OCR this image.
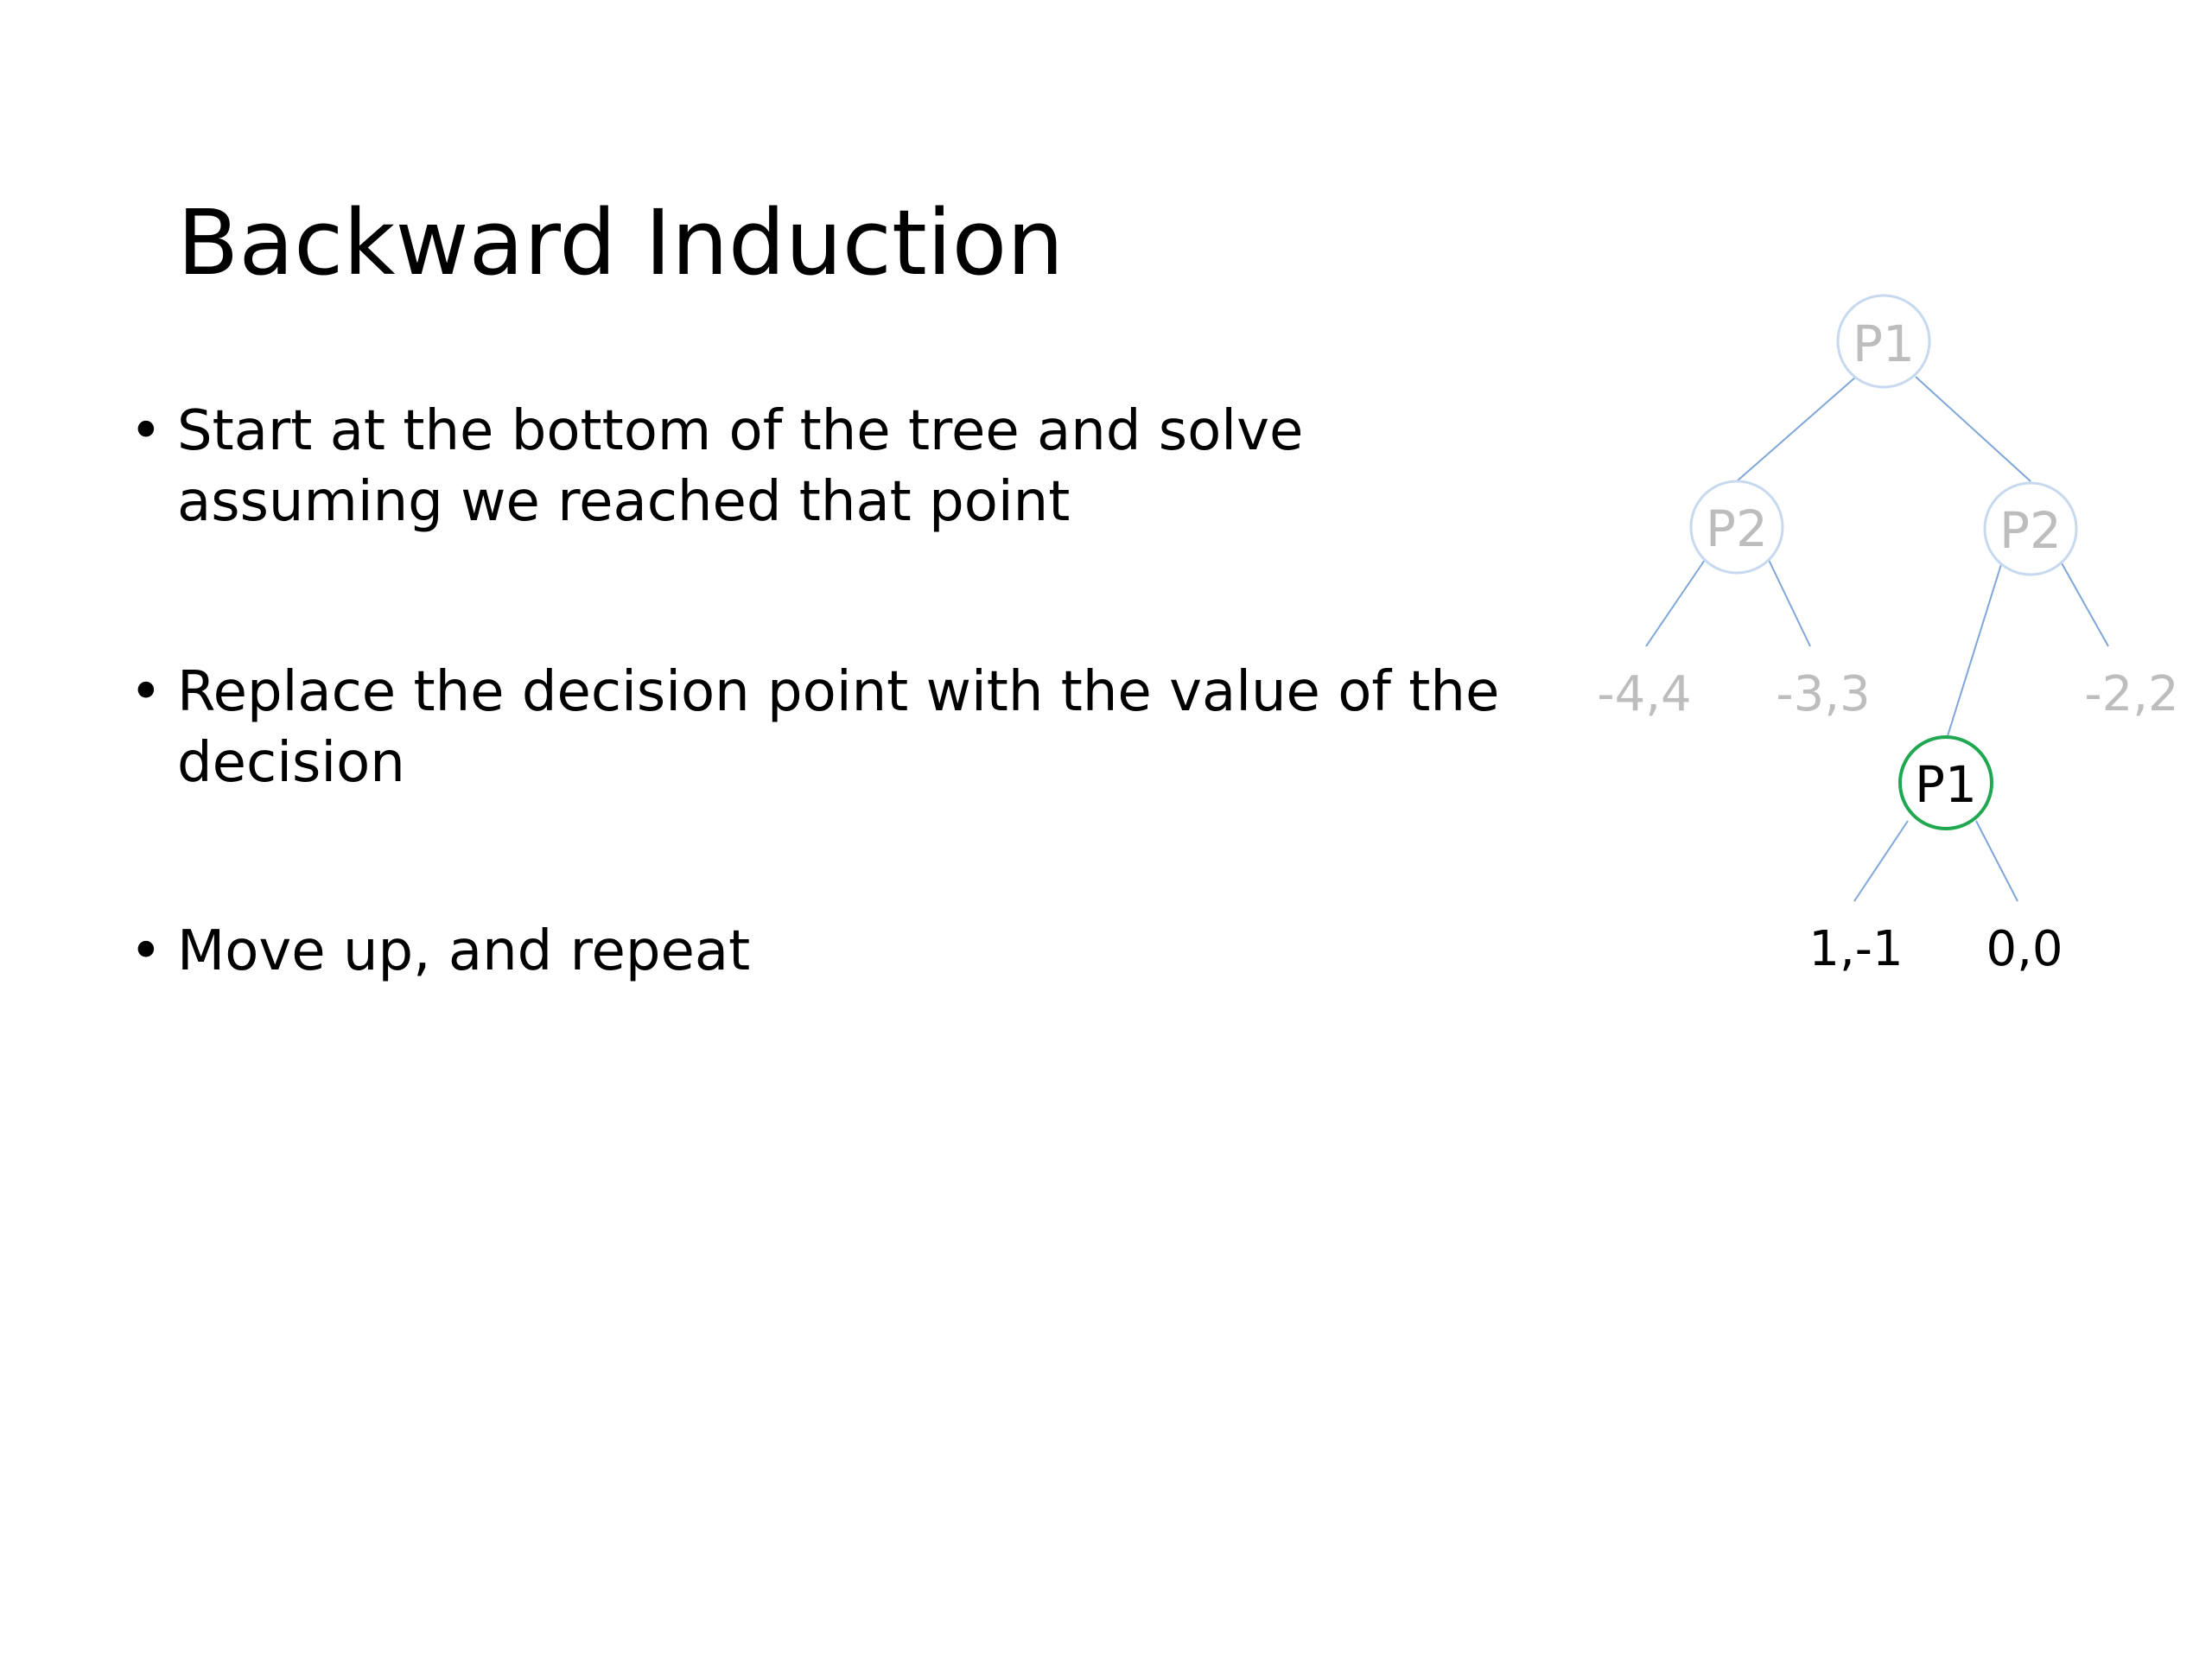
Backward Induction
• Start at the bottom of the tree and solve assuming we reached that point
• Replace the decision point with the value of the decision
• Move up, and repeat
P1
P2	P2
P1
-4,4 -3,3	-2,2
1,-1 0,0
